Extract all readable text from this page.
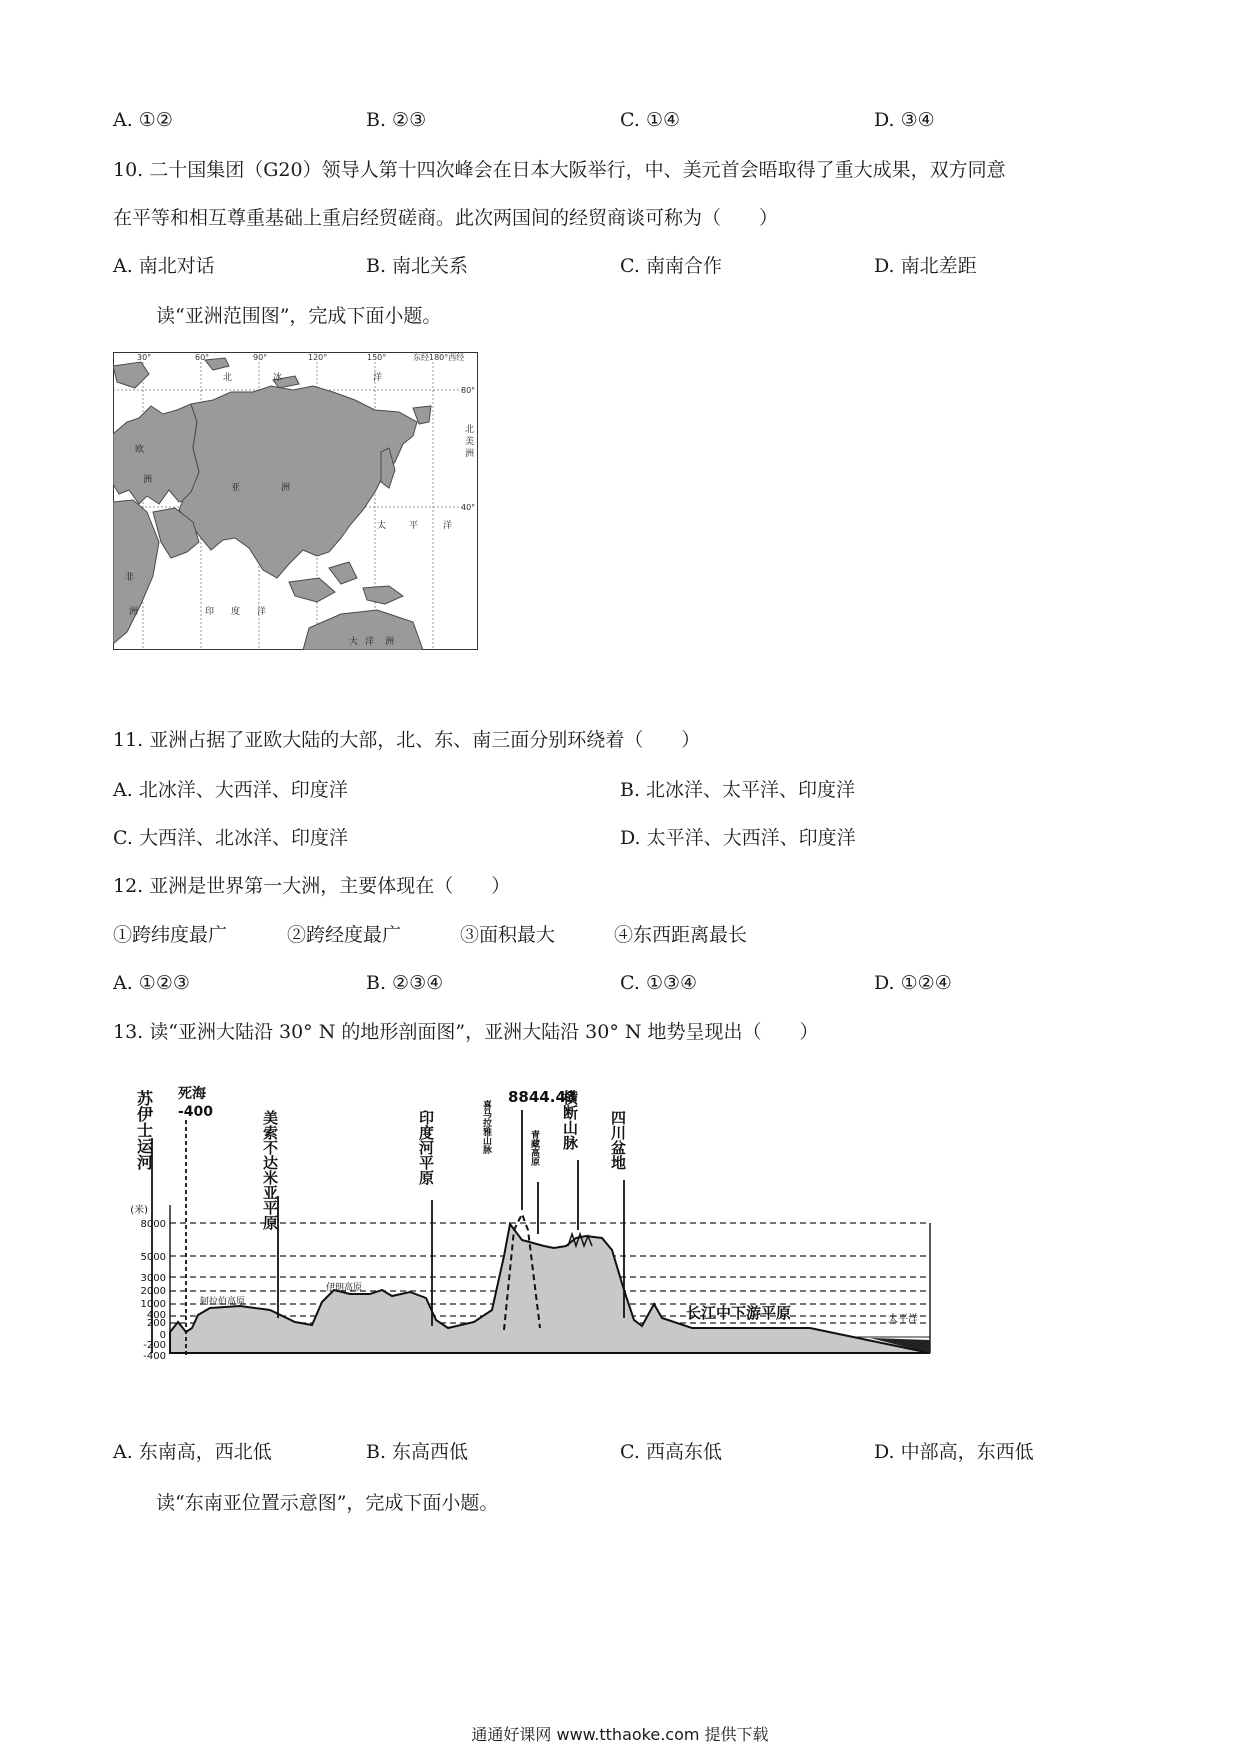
A. ①②	B. ②③	C. ①④	D. ③④
10. 二十国集团（G20）领导人第十四次峰会在日本大阪举行，中、美元首会晤取得了重大成果，双方同意
在平等和相互尊重基础上重启经贸磋商。此次两国间的经贸商谈可称为（　　）
A. 南北对话	B. 南北关系	C. 南南合作	D. 南北差距
读“亚洲范围图”，完成下面小题。
30°	60°	90°	120°	150°	东经180°西经
80°
40°
北	冰	洋
欧
洲
亚	洲
非
洲
太	平	洋
印 度 洋
大 洋 洲
北
美
洲
11. 亚洲占据了亚欧大陆的大部，北、东、南三面分别环绕着（　　）
A. 北冰洋、大西洋、印度洋	B. 北冰洋、太平洋、印度洋
C. 大西洋、北冰洋、印度洋	D. 太平洋、大西洋、印度洋
12. 亚洲是世界第一大洲，主要体现在（　　）
①跨纬度最广	②跨经度最广	③面积最大	④东西距离最长
A. ①②③	B. ②③④	C. ①③④	D. ①②④
13. 读“亚洲大陆沿 30° N 的地形剖面图”，亚洲大陆沿 30° N 地势呈现出（　　）
(米)
8000
5000
3000
2000
1000
400
200
0
-200
-400
8844.43
苏伊士运河 死海
-400	美索不达米亚平原	印度河平原	喜马拉雅山脉	青藏高原 横断山脉 四川盆地
阿拉伯高原
伊朗高原
长江中下游平原	太平洋
A. 东南高，西北低	B. 东高西低	C. 西高东低	D. 中部高，东西低
读“东南亚位置示意图”，完成下面小题。
通通好课网 www.tthaoke.com 提供下载
